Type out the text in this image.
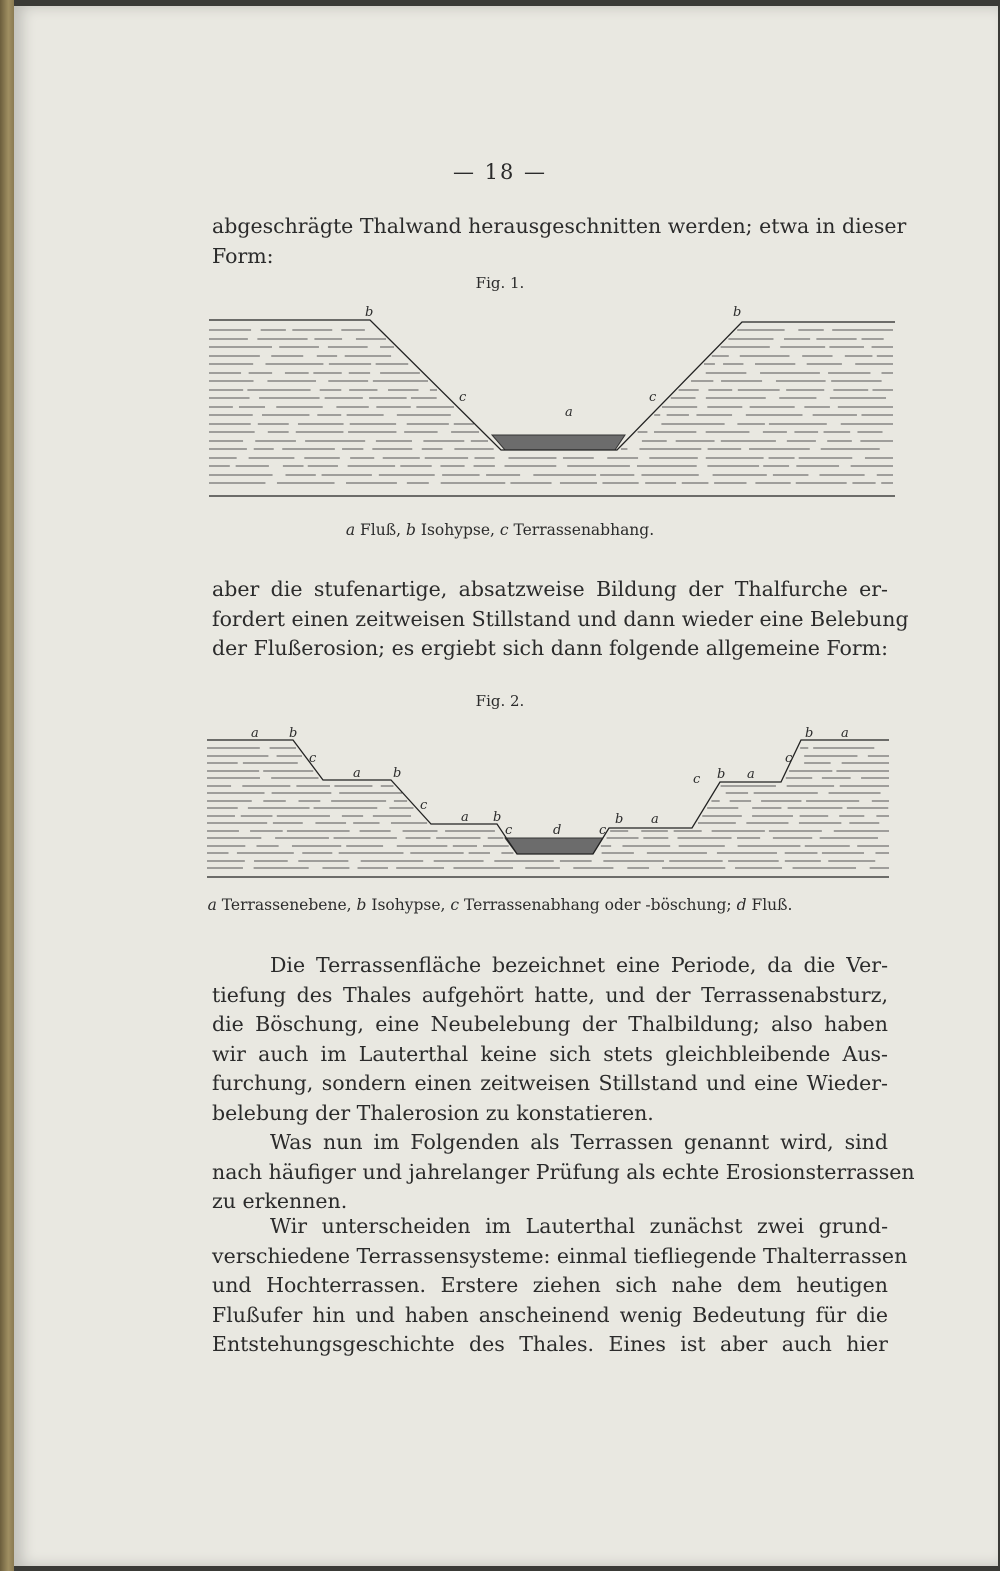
— 18 —
abgeschrägte Thalwand herausgeschnitten werden; etwa in dieser
Form:
Fig. 1.
b	b
c	c
a
a Fluß, b Isohypse, c Terrassenabhang.
aber die stufenartige, absatzweise Bildung der Thalfurche er-
fordert einen zeitweisen Stillstand und dann wieder eine Belebung
der Flußerosion; es ergiebt sich dann folgende allgemeine Form:
Fig. 2.
a b
c
a b
c
a b
c	d	c
b a
c b a
c
b a
a Terrassenebene, b Isohypse, c Terrassenabhang oder -böschung; d Fluß.
Die Terrassenfläche bezeichnet eine Periode, da die Ver-
tiefung des Thales aufgehört hatte, und der Terrassenabsturz,
die Böschung, eine Neubelebung der Thalbildung; also haben
wir auch im Lauterthal keine sich stets gleichbleibende Aus-
furchung, sondern einen zeitweisen Stillstand und eine Wieder-
belebung der Thalerosion zu konstatieren.
Was nun im Folgenden als Terrassen genannt wird, sind
nach häufiger und jahrelanger Prüfung als echte Erosionsterrassen
zu erkennen.
Wir unterscheiden im Lauterthal zunächst zwei grund-
verschiedene Terrassensysteme: einmal tiefliegende Thalterrassen
und Hochterrassen. Erstere ziehen sich nahe dem heutigen
Flußufer hin und haben anscheinend wenig Bedeutung für die
Entstehungsgeschichte des Thales. Eines ist aber auch hier
